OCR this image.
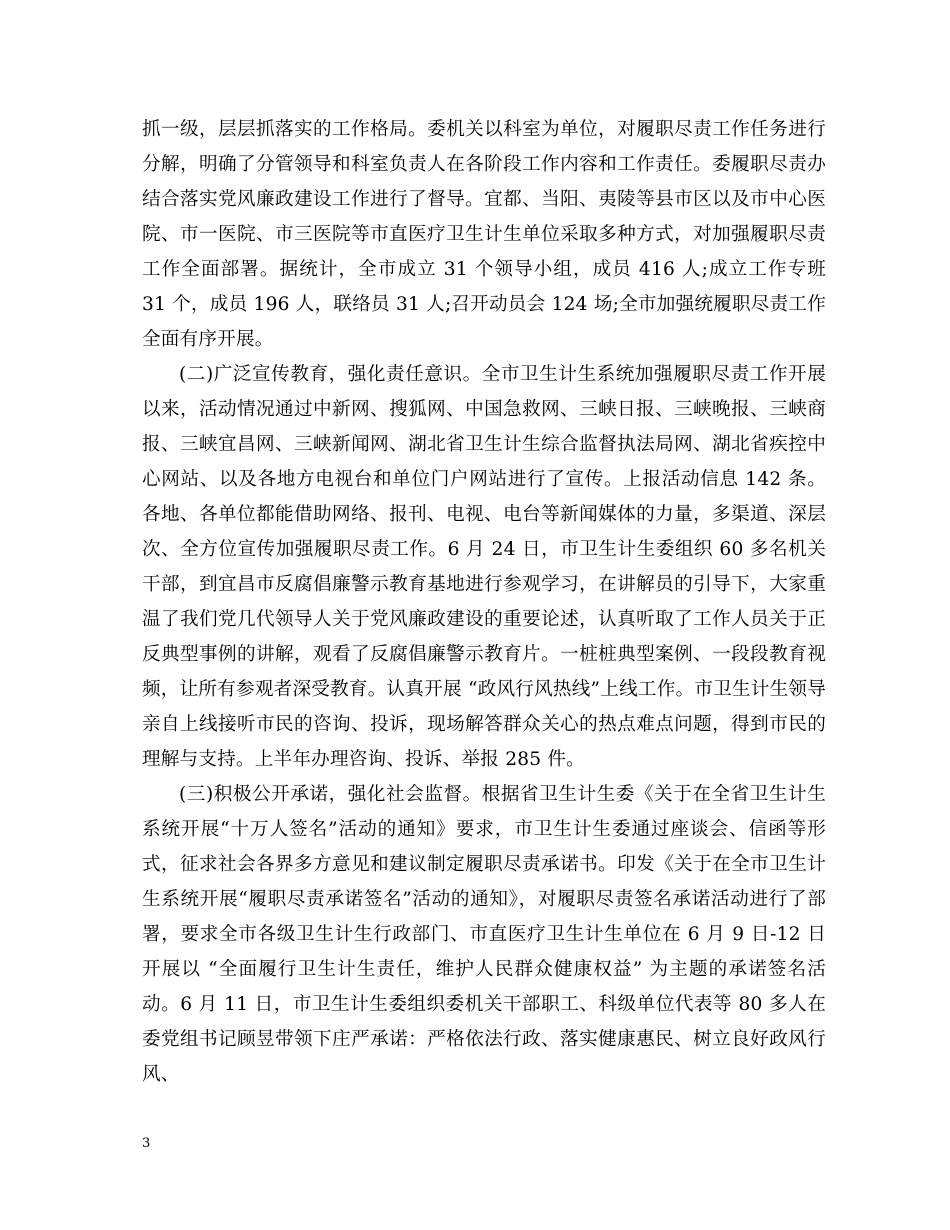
抓一级，层层抓落实的工作格局。委机关以科室为单位，对履职尽责工作任务进行分解，明确了分管领导和科室负责人在各阶段工作内容和工作责任。委履职尽责办结合落实党风廉政建设工作进行了督导。宜都、当阳、夷陵等县市区以及市中心医院、市一医院、市三医院等市直医疗卫生计生单位采取多种方式，对加强履职尽责工作全面部署。据统计，全市成立 31 个领导小组，成员 416 人;成立工作专班 31 个，成员 196 人，联络员 31 人;召开动员会 124 场;全市加强统履职尽责工作全面有序开展。

(二)广泛宣传教育，强化责任意识。全市卫生计生系统加强履职尽责工作开展以来，活动情况通过中新网、搜狐网、中国急救网、三峡日报、三峡晚报、三峡商报、三峡宜昌网、三峡新闻网、湖北省卫生计生综合监督执法局网、湖北省疾控中心网站、以及各地方电视台和单位门户网站进行了宣传。上报活动信息 142 条。各地、各单位都能借助网络、报刊、电视、电台等新闻媒体的力量，多渠道、深层次、全方位宣传加强履职尽责工作。6 月 24 日，市卫生计生委组织 60 多名机关干部，到宜昌市反腐倡廉警示教育基地进行参观学习，在讲解员的引导下，大家重温了我们党几代领导人关于党风廉政建设的重要论述，认真听取了工作人员关于正反典型事例的讲解，观看了反腐倡廉警示教育片。一桩桩典型案例、一段段教育视频，让所有参观者深受教育。认真开展 “政风行风热线”上线工作。市卫生计生领导亲自上线接听市民的咨询、投诉，现场解答群众关心的热点难点问题，得到市民的理解与支持。上半年办理咨询、投诉、举报 285 件。

(三)积极公开承诺，强化社会监督。根据省卫生计生委《关于在全省卫生计生系统开展“十万人签名”活动的通知》要求，市卫生计生委通过座谈会、信函等形式，征求社会各界多方意见和建议制定履职尽责承诺书。印发《关于在全市卫生计生系统开展“履职尽责承诺签名”活动的通知》，对履职尽责签名承诺活动进行了部署，要求全市各级卫生计生行政部门、市直医疗卫生计生单位在 6 月 9 日-12 日开展以 “全面履行卫生计生责任，维护人民群众健康权益” 为主题的承诺签名活动。6 月 11 日，市卫生计生委组织委机关干部职工、科级单位代表等 80 多人在委党组书记顾昱带领下庄严承诺：严格依法行政、落实健康惠民、树立良好政风行风、

3
